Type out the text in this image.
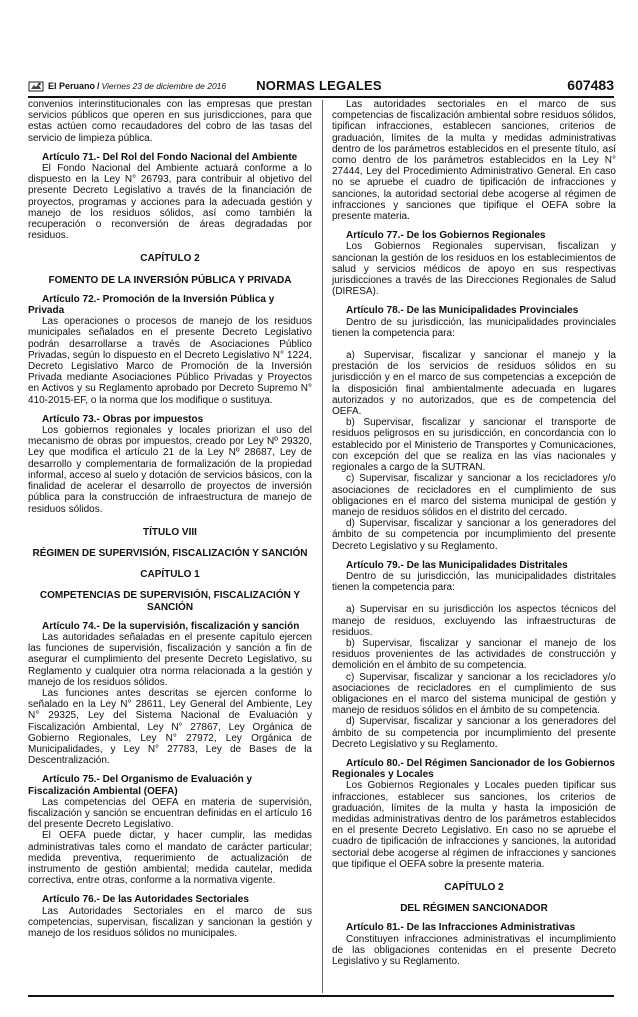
El Peruano / Viernes 23 de diciembre de 2016	NORMAS LEGALES	607483

convenios interinstitucionales con las empresas que prestan servicios públicos que operen en sus jurisdicciones, para que estas actúen como recaudadores del cobro de las tasas del servicio de limpieza pública.

Artículo 71.- Del Rol del Fondo Nacional del Ambiente

El Fondo Nacional del Ambiente actuará conforme a lo dispuesto en la Ley N° 26793, para contribuir al objetivo del presente Decreto Legislativo a través de la financiación de proyectos, programas y acciones para la adecuada gestión y manejo de los residuos sólidos, así como también la recuperación o reconversión de áreas degradadas por residuos.

CAPÍTULO 2

FOMENTO DE LA INVERSIÓN PÚBLICA Y PRIVADA

Artículo 72.- Promoción de la Inversión Pública y Privada

Las operaciones o procesos de manejo de los residuos municipales señalados en el presente Decreto Legislativo podrán desarrollarse a través de Asociaciones Público Privadas, según lo dispuesto en el Decreto Legislativo N° 1224, Decreto Legislativo Marco de Promoción de la Inversión Privada mediante Asociaciones Público Privadas y Proyectos en Activos y su Reglamento aprobado por Decreto Supremo N° 410-2015-EF, o la norma que los modifique o sustituya.

Artículo 73.- Obras por impuestos

Los gobiernos regionales y locales priorizan el uso del mecanismo de obras por impuestos, creado por Ley Nº 29320, Ley que modifica el artículo 21 de la Ley Nº 28687, Ley de desarrollo y complementaria de formalización de la propiedad informal, acceso al suelo y dotación de servicios básicos, con la finalidad de acelerar el desarrollo de proyectos de inversión pública para la construcción de infraestructura de manejo de residuos sólidos.

TÍTULO VIII

RÉGIMEN DE SUPERVISIÓN, FISCALIZACIÓN Y SANCIÓN

CAPÍTULO 1

COMPETENCIAS DE SUPERVISIÓN, FISCALIZACIÓN Y SANCIÓN

Artículo 74.- De la supervisión, fiscalización y sanción

Las autoridades señaladas en el presente capítulo ejercen las funciones de supervisión, fiscalización y sanción a fin de asegurar el cumplimiento del presente Decreto Legislativo, su Reglamento y cualquier otra norma relacionada a la gestión y manejo de los residuos sólidos.

Las funciones antes descritas se ejercen conforme lo señalado en la Ley N° 28611, Ley General del Ambiente, Ley N° 29325, Ley del Sistema Nacional de Evaluación y Fiscalización Ambiental, Ley N° 27867, Ley Orgánica de Gobierno Regionales, Ley N° 27972, Ley Orgánica de Municipalidades, y Ley N° 27783, Ley de Bases de la Descentralización.

Artículo 75.- Del Organismo de Evaluación y Fiscalización Ambiental (OEFA)

Las competencias del OEFA en materia de supervisión, fiscalización y sanción se encuentran definidas en el artículo 16 del presente Decreto Legislativo.

El OEFA puede dictar, y hacer cumplir, las medidas administrativas tales como el mandato de carácter particular; medida preventiva, requerimiento de actualización de instrumento de gestión ambiental; medida cautelar, medida correctiva, entre otras, conforme a la normativa vigente.

Artículo 76.- De las Autoridades Sectoriales

Las Autoridades Sectoriales en el marco de sus competencias, supervisan, fiscalizan y sancionan la gestión y manejo de los residuos sólidos no municipales.

Las autoridades sectoriales en el marco de sus competencias de fiscalización ambiental sobre residuos sólidos, tipifican infracciones, establecen sanciones, criterios de graduación, límites de la multa y medidas administrativas dentro de los parámetros establecidos en el presente título, así como dentro de los parámetros establecidos en la Ley N° 27444, Ley del Procedimiento Administrativo General. En caso no se apruebe el cuadro de tipificación de infracciones y sanciones, la autoridad sectorial debe acogerse al régimen de infracciones y sanciones que tipifique el OEFA sobre la presente materia.

Artículo 77.- De los Gobiernos Regionales

Los Gobiernos Regionales supervisan, fiscalizan y sancionan la gestión de los residuos en los establecimientos de salud y servicios médicos de apoyo en sus respectivas jurisdicciones a través de las Direcciones Regionales de Salud (DIRESA).

Artículo 78.- De las Municipalidades Provinciales

Dentro de su jurisdicción, las municipalidades provinciales tienen la competencia para:

a) Supervisar, fiscalizar y sancionar el manejo y la prestación de los servicios de residuos sólidos en su jurisdicción y en el marco de sus competencias a excepción de la disposición final ambientalmente adecuada en lugares autorizados y no autorizados, que es de competencia del OEFA.

b) Supervisar, fiscalizar y sancionar el transporte de residuos peligrosos en su jurisdicción, en concordancia con lo establecido por el Ministerio de Transportes y Comunicaciones, con excepción del que se realiza en las vías nacionales y regionales a cargo de la SUTRAN.

c) Supervisar, fiscalizar y sancionar a los recicladores y/o asociaciones de recicladores en el cumplimiento de sus obligaciones en el marco del sistema municipal de gestión y manejo de residuos sólidos en el distrito del cercado.

d) Supervisar, fiscalizar y sancionar a los generadores del ámbito de su competencia por incumplimiento del presente Decreto Legislativo y su Reglamento.

Artículo 79.- De las Municipalidades Distritales

Dentro de su jurisdicción, las municipalidades distritales tienen la competencia para:

a) Supervisar en su jurisdicción los aspectos técnicos del manejo de residuos, excluyendo las infraestructuras de residuos.

b) Supervisar, fiscalizar y sancionar el manejo de los residuos provenientes de las actividades de construcción y demolición en el ámbito de su competencia.

c) Supervisar, fiscalizar y sancionar a los recicladores y/o asociaciones de recicladores en el cumplimiento de sus obligaciones en el marco del sistema municipal de gestión y manejo de residuos sólidos en el ámbito de su competencia.

d) Supervisar, fiscalizar y sancionar a los generadores del ámbito de su competencia por incumplimiento del presente Decreto Legislativo y su Reglamento.

Artículo 80.- Del Régimen Sancionador de los Gobiernos Regionales y Locales

Los Gobiernos Regionales y Locales pueden tipificar sus infracciones, establecer sus sanciones, los criterios de graduación, límites de la multa y hasta la imposición de medidas administrativas dentro de los parámetros establecidos en el presente Decreto Legislativo. En caso no se apruebe el cuadro de tipificación de infracciones y sanciones, la autoridad sectorial debe acogerse al régimen de infracciones y sanciones que tipifique el OEFA sobre la presente materia.

CAPÍTULO 2

DEL RÉGIMEN SANCIONADOR

Artículo 81.- De las Infracciones Administrativas

Constituyen infracciones administrativas el incumplimiento de las obligaciones contenidas en el presente Decreto Legislativo y su Reglamento.
